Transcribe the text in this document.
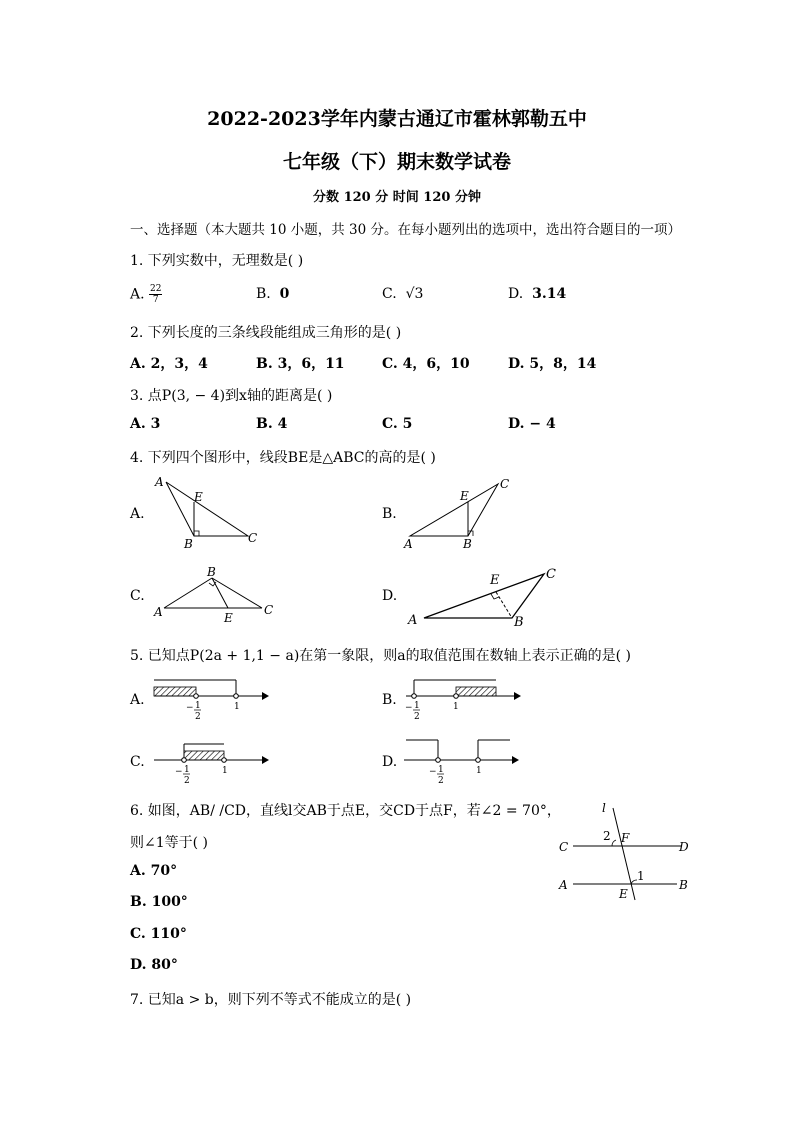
2022-2023学年内蒙古通辽市霍林郭勒五中
七年级（下）期末数学试卷
分数 120 分 时间 120 分钟
一、选择题（本大题共 10 小题，共 30 分。在每小题列出的选项中，选出符合题目的一项）
1. 下列实数中，无理数是( )
A. $\frac{22}{7}$	B. 0	C. √3	D. 3.14
2. 下列长度的三条线段能组成三角形的是( )
A. 2，3，4	B. 3，6，11	C. 4，6，10	D. 5，8，14
3. 点P(3, − 4)到x轴的距离是( )
A. 3	B. 4	C. 5	D. − 4
4. 下列四个图形中，线段BE是△ABC的高的是( )
A.	B.
C.	D.
A
E
B	C	A
E
B
C
A
B
E
C
A
E
B
C
5. 已知点P(2a + 1,1 − a)在第一象限，则a的取值范围在数轴上表示正确的是( )
A.	B.
C.	D.
− 1
2
1	− 1
2
1
− 1
2
1	− 1
2
1
6. 如图，AB/ /CD，直线l交AB于点E，交CD于点F，若∠2 = 70°，
则∠1等于( )
A. 70°
B. 100°
C. 110°
D. 80°
l
C	D
A	B
2 F
1
E
7. 已知a > b，则下列不等式不能成立的是( )
